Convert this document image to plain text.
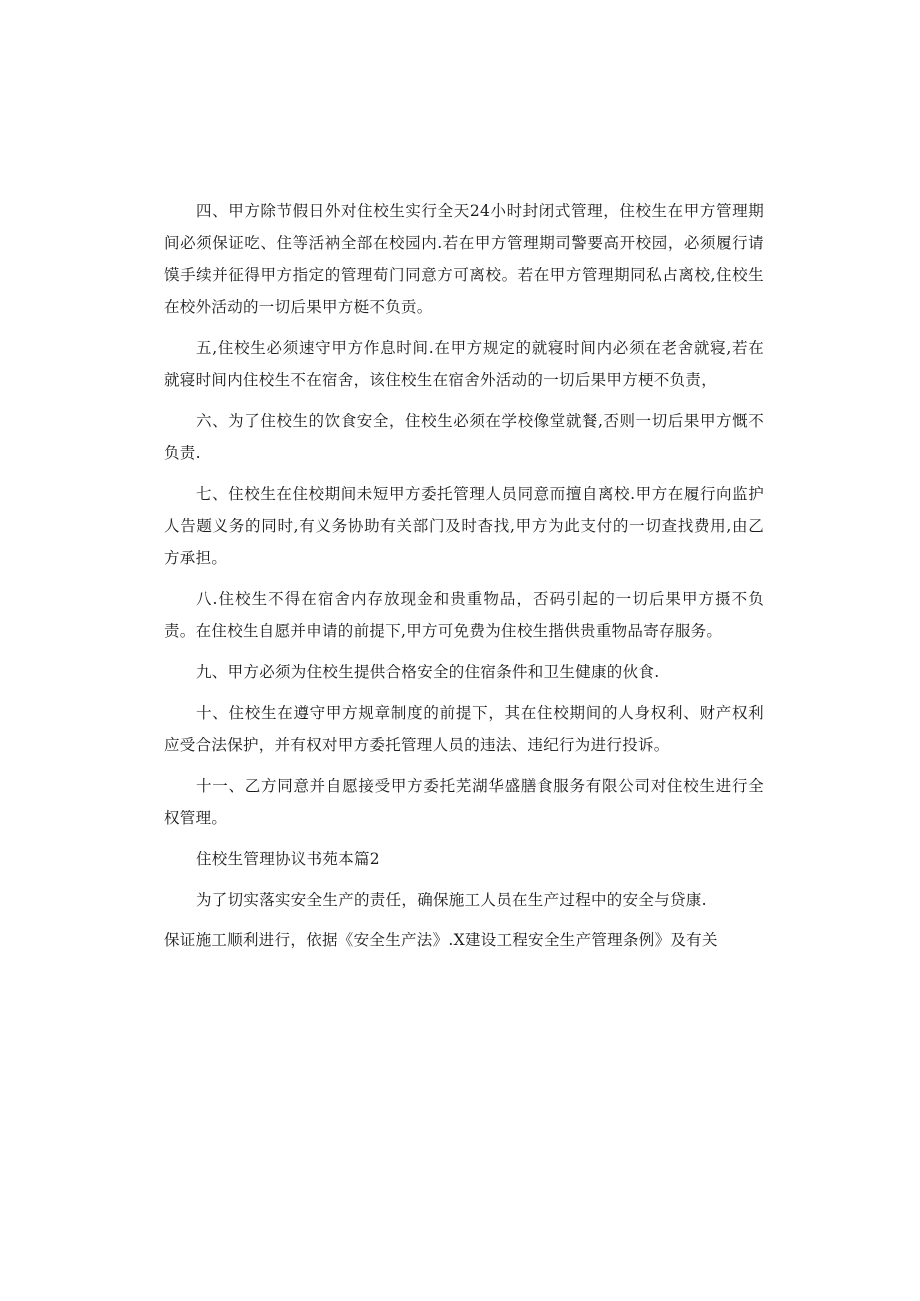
四、甲方除节假日外对住校生实行全天24小时封闭式管理，住校生在甲方管理期间必须保证吃、住等活衲全部在校园内.若在甲方管理期司警要高开校园，必须履行请馍手续并征得甲方指定的管理荀门同意方可离校。若在甲方管理期同私占离校,住校生在校外活动的一切后果甲方梃不负贡。

五,住校生必须速守甲方作息时间.在甲方规定的就寝时间内必须在老舍就寝,若在就寝时间内住校生不在宿舍，该住校生在宿舍外活动的一切后果甲方梗不负责，

六、为了住校生的饮食安全，住校生必须在学校像堂就餐,否则一切后果甲方慨不负责.

七、住校生在住校期间未短甲方委托管理人员同意而擅自离校.甲方在履行向监护人告题义务的同时,有义务协助有关部门及时杳找,甲方为此支付的一切查找费用,由乙方承担。

八.住校生不得在宿舍内存放现金和贵重物品，否码引起的一切后果甲方摄不负责。在住校生自愿并申请的前提下,甲方可免费为住校生揩供贵重物品寄存服务。

九、甲方必须为住校生提供合格安全的住宿条件和卫生健康的伙食.

十、住校生在遵守甲方规章制度的前提下，其在住校期间的人身权利、财产权利应受合法保护，并有权对甲方委托管理人员的违法、违纪行为进行投诉。

十一、乙方同意并自愿接受甲方委托芜湖华盛膳食服务有限公司对住校生进行全权管理。

住校生管理协议书苑本篇2

为了切实落实安全生产的责任，确保施工人员在生产过程中的安全与贷康.

保证施工顺利进行，依据《安全生产法》.X建设工程安全生产管理条例》及有关
